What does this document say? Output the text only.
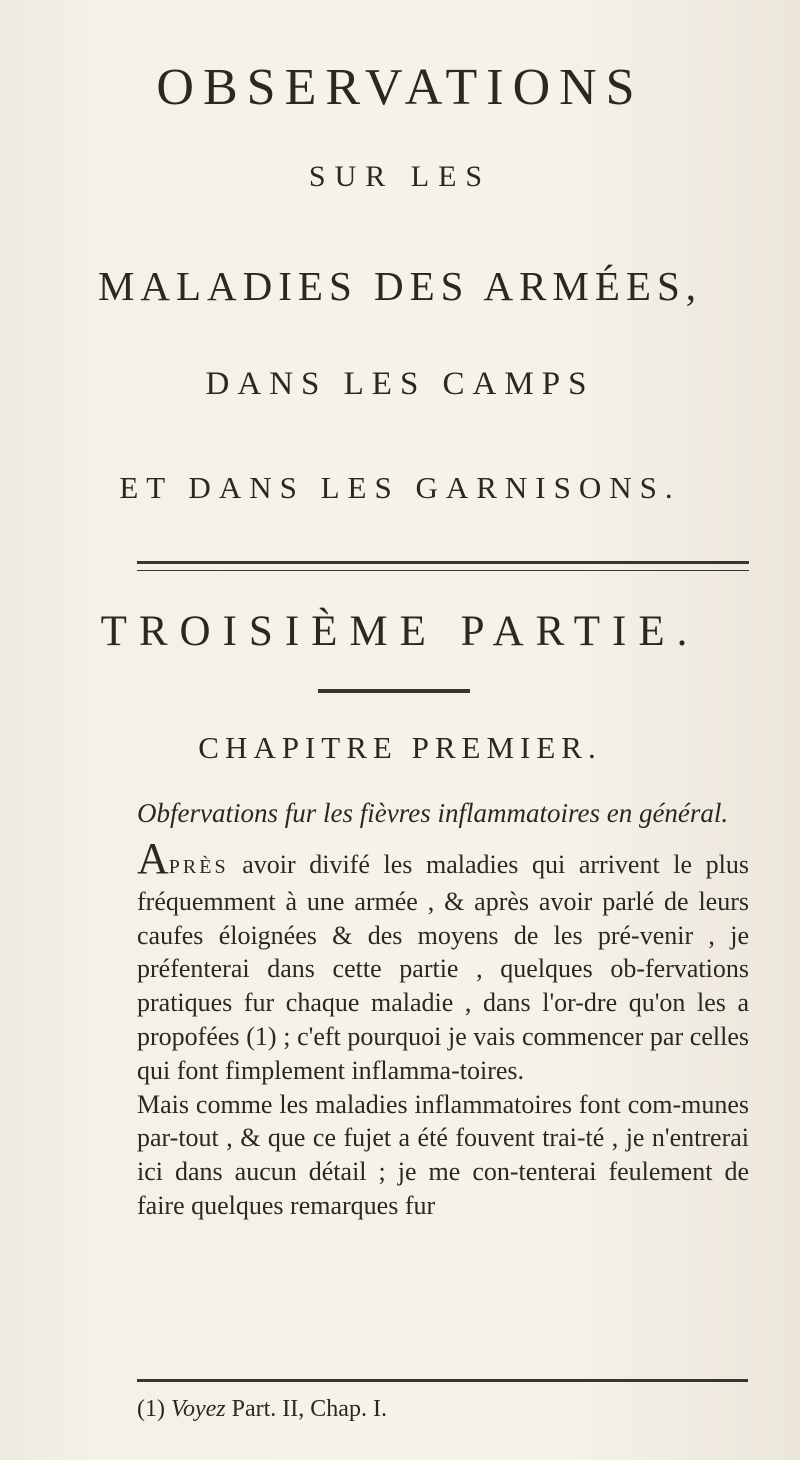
OBSERVATIONS
SUR LES
MALADIES DES ARMÉES,
DANS LES CAMPS
ET DANS LES GARNISONS.
TROISIÈME PARTIE.
CHAPITRE PREMIER.
Obfervations fur les fièvres inflammatoires en général.

APRÈS avoir divifé les maladies qui arrivent le plus fréquemment à une armée , & après avoir parlé de leurs caufes éloignées & des moyens de les pré-venir , je préfenterai dans cette partie , quelques ob-fervations pratiques fur chaque maladie , dans l'or-dre qu'on les a propofées (1) ; c'eft pourquoi je vais commencer par celles qui font fimplement inflamma-toires.

Mais comme les maladies inflammatoires font com-munes par-tout , & que ce fujet a été fouvent trai-té , je n'entrerai ici dans aucun détail ; je me con-tenterai feulement de faire quelques remarques fur

(1) Voyez Part. II, Chap. I.
